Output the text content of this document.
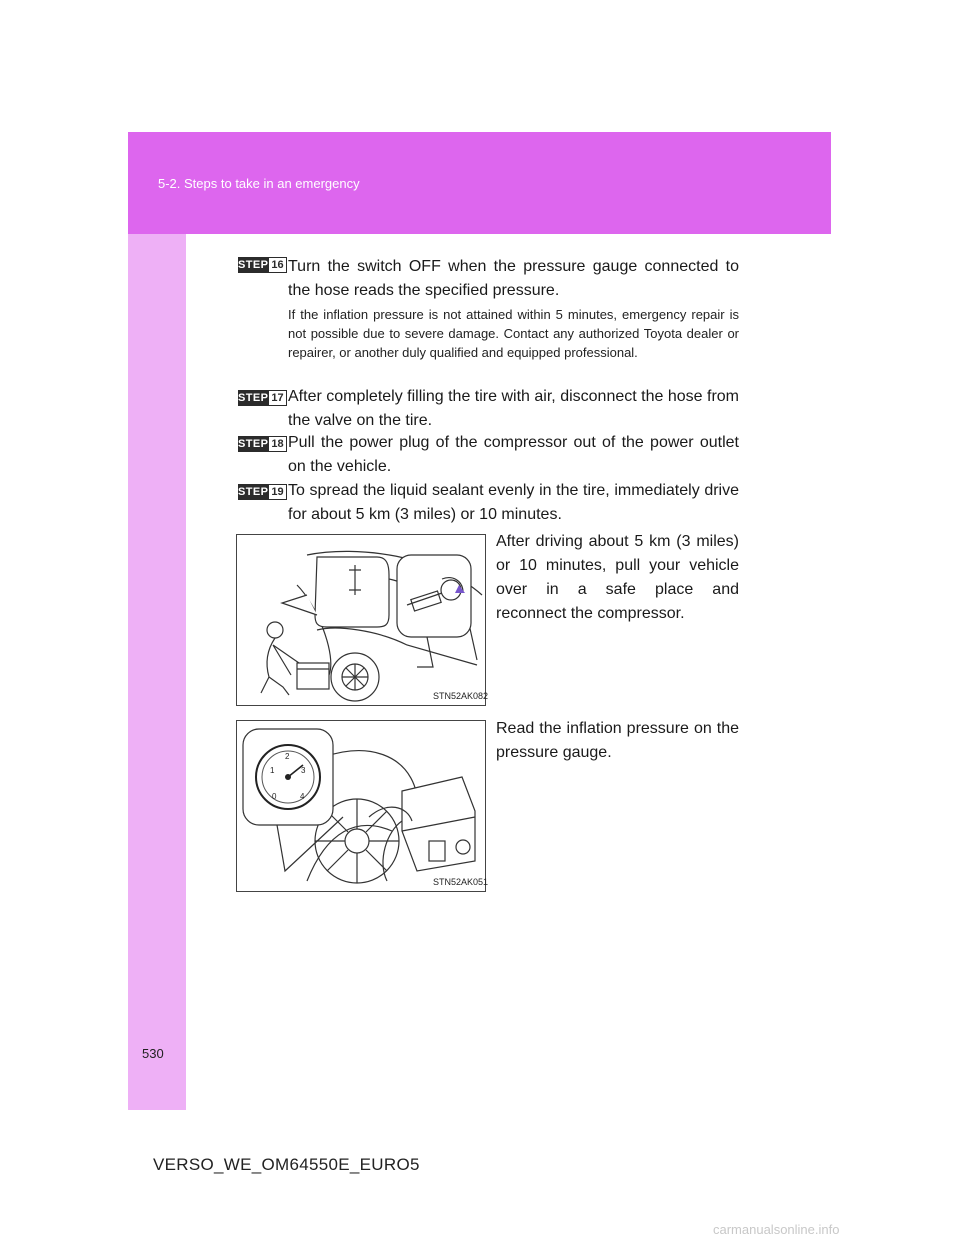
5-2. Steps to take in an emergency
STEP 16 Turn the switch OFF when the pressure gauge connected to the hose reads the specified pressure.
If the inflation pressure is not attained within 5 minutes, emergency repair is not possible due to severe damage. Contact any authorized Toyota dealer or repairer, or another duly qualified and equipped professional.
STEP 17 After completely filling the tire with air, disconnect the hose from the valve on the tire.
STEP 18 Pull the power plug of the compressor out of the power outlet on the vehicle.
STEP 19 To spread the liquid sealant evenly in the tire, immediately drive for about 5 km (3 miles) or 10 minutes.
After driving about 5 km (3 miles) or 10 minutes, pull your vehicle over in a safe place and reconnect the compressor.
STN52AK082
Read the inflation pressure on the pressure gauge.
0
1
2
3
4
STN52AK051
530
VERSO_WE_OM64550E_EURO5
carmanualsonline.info
